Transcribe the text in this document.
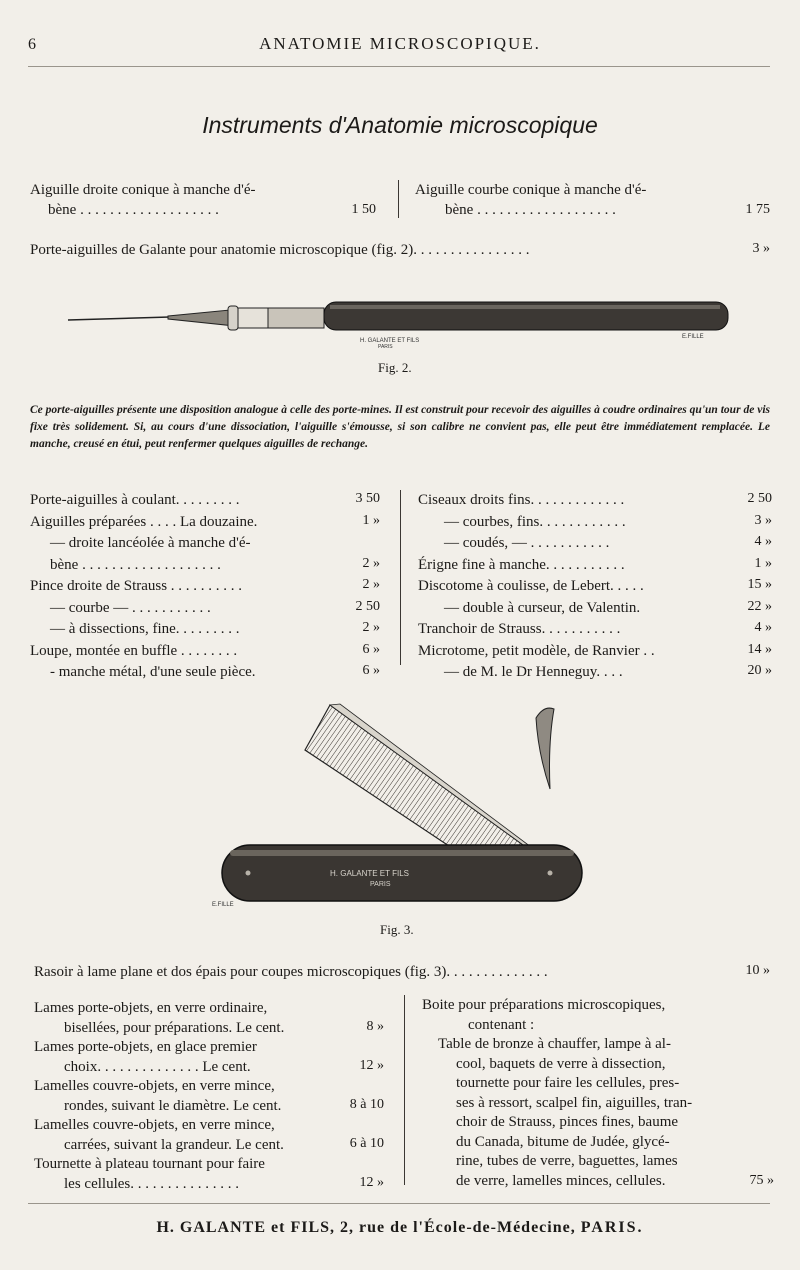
6	ANATOMIE MICROSCOPIQUE.
Instruments d'Anatomie microscopique
Aiguille droite conique à manche d'é-
bène . . . . . . . . . . . . . . . . . . .	1 50
Aiguille courbe conique à manche d'é-
bène . . . . . . . . . . . . . . . . . . .	1 75
Porte-aiguilles de Galante pour anatomie microscopique (fig. 2). . . . . . . . . . . . . . . .	3 »
H. GALANTE ET FILS
PARIS
E.FILLE
Fig. 2.
Ce porte-aiguilles présente une disposition analogue à celle des porte-mines. Il est construit pour recevoir des aiguilles à coudre ordinaires qu'un tour de vis fixe très solidement. Si, au cours d'une dissociation, l'aiguille s'émousse, si son calibre ne convient pas, elle peut être immédiatement remplacée. Le manche, creusé en étui, peut renfermer quelques aiguilles de rechange.
Porte-aiguilles à coulant. . . . . . . . .	3 50
Aiguilles préparées . . . . La douzaine.	1 »
— droite lancéolée à manche d'é-
bène . . . . . . . . . . . . . . . . . . .	2 »
Pince droite de Strauss . . . . . . . . . .	2 »
— courbe — . . . . . . . . . . .	2 50
— à dissections, fine. . . . . . . . .	2 »
Loupe, montée en buffle . . . . . . . .	6 »
- manche métal, d'une seule pièce.	6 »
Ciseaux droits fins. . . . . . . . . . . . .	2 50
— courbes, fins. . . . . . . . . . . .	3 »
— coudés, — . . . . . . . . . . .	4 »
Érigne fine à manche. . . . . . . . . . .	1 »
Discotome à coulisse, de Lebert. . . . .	15 »
— double à curseur, de Valentin.	22 »
Tranchoir de Strauss. . . . . . . . . . .	4 »
Microtome, petit modèle, de Ranvier . .	14 »
— de M. le Dr Henneguy. . . .	20 »
H. GALANTE ET FILS
PARIS
E.FILLE
Fig. 3.
Rasoir à lame plane et dos épais pour coupes microscopiques (fig. 3). . . . . . . . . . . . . .	10 »
Lames porte-objets, en verre ordinaire,
bisellées, pour préparations. Le cent.	8 »
Lames porte-objets, en glace premier
choix. . . . . . . . . . . . . . Le cent.	12 »
Lamelles couvre-objets, en verre mince,
rondes, suivant le diamètre. Le cent.	8 à 10
Lamelles couvre-objets, en verre mince,
carrées, suivant la grandeur. Le cent.	6 à 10
Tournette à plateau tournant pour faire
les cellules. . . . . . . . . . . . . . .	12 »
Boite pour préparations microscopiques,
contenant :
Table de bronze à chauffer, lampe à al-
cool, baquets de verre à dissection,
tournette pour faire les cellules, pres-
ses à ressort, scalpel fin, aiguilles, tran-
choir de Strauss, pinces fines, baume
du Canada, bitume de Judée, glycé-
rine, tubes de verre, baguettes, lames
de verre, lamelles minces, cellules.	75 »
H. GALANTE et FILS, 2, rue de l'École-de-Médecine, PARIS.
